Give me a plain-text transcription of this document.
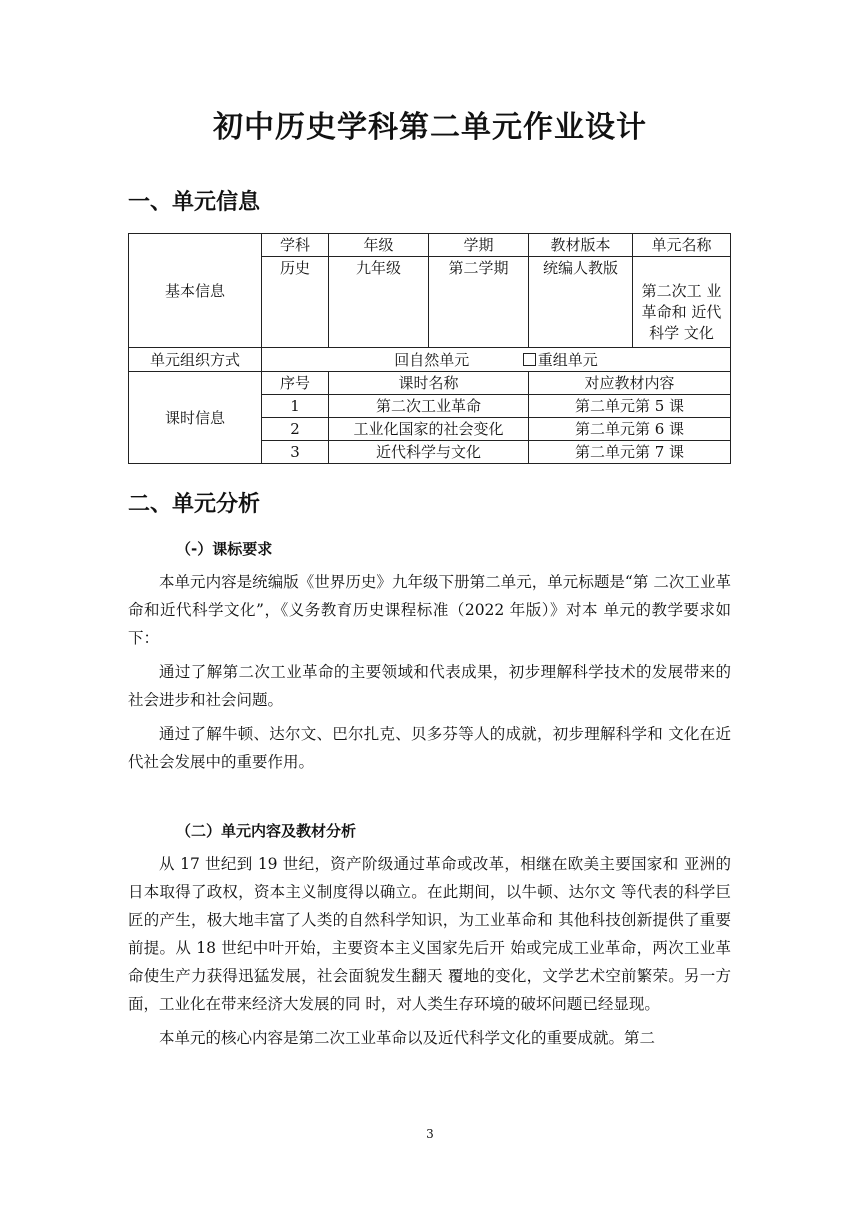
初中历史学科第二单元作业设计
一、单元信息
基本信息	学科	年级	学期	教材版本	单元名称
	历史	九年级	第二学期	统编人教版	第二次工 业
革命和 近代
科学 文化

单元组织方式	回自然单元 重组单元				
课时信息	序号	课时名称		对应教材内容	
	1	第二次工业革命		第二单元第 5 课	
	2	工业化国家的社会变化		第二单元第 6 课	
	3	近代科学与文化		第二单元第 7 课	
二、单元分析
（-）课标要求

本单元内容是统编版《世界历史》九年级下册第二单元，单元标题是“第 二次工业革命和近代科学文化”，《义务教育历史课程标准（2022 年版）》对本 单元的教学要求如下：

通过了解第二次工业革命的主要领域和代表成果，初步理解科学技术的发展带来的社会进步和社会问题。

通过了解牛顿、达尔文、巴尔扎克、贝多芬等人的成就，初步理解科学和 文化在近代社会发展中的重要作用。

（二）单元内容及教材分析

从 17 世纪到 19 世纪，资产阶级通过革命或改革，相继在欧美主要国家和 亚洲的日本取得了政权，资本主义制度得以确立。在此期间，以牛顿、达尔文 等代表的科学巨匠的产生，极大地丰富了人类的自然科学知识，为工业革命和 其他科技创新提供了重要前提。从 18 世纪中叶开始，主要资本主义国家先后开 始或完成工业革命，两次工业革命使生产力获得迅猛发展，社会面貌发生翻天 覆地的变化，文学艺术空前繁荣。另一方面，工业化在带来经济大发展的同 时，对人类生存环境的破坏问题已经显现。

本单元的核心内容是第二次工业革命以及近代科学文化的重要成就。第二

3
